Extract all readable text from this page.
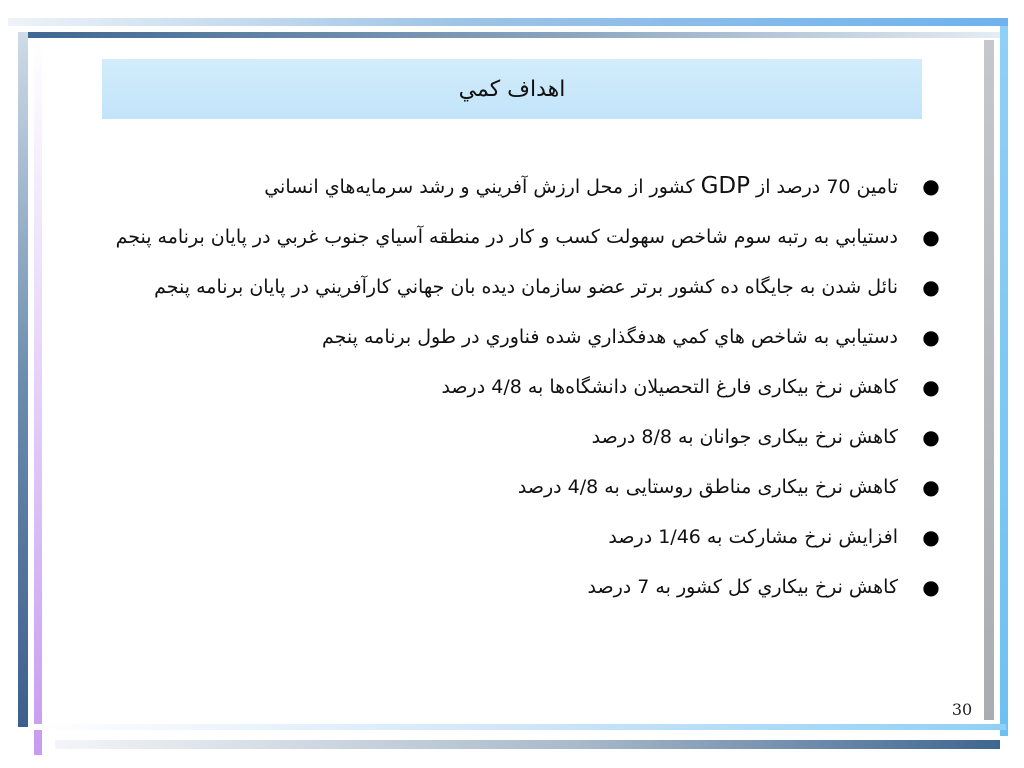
اهداف کمي
●
تامين 70 درصد از GDP کشور از محل ارزش آفريني و رشد سرمايه‌هاي انساني
●
دستيابي به رتبه سوم شاخص سهولت کسب و کار در منطقه آسياي جنوب غربي در پايان برنامه پنجم
●
نائل شدن به جايگاه ده کشور برتر عضو سازمان ديده بان جهاني کارآفريني در پايان برنامه پنجم
●
دستيابي به شاخص هاي کمي هدفگذاري شده فناوري در طول برنامه پنجم
●
کاهش نرخ بيکاری فارغ التحصيلان دانشگاه‌ها به 4/8 درصد
●
کاهش نرخ بيکاری جوانان به 8/8 درصد
●
کاهش نرخ بيکاری مناطق روستايی به 4/8 درصد
●
افزايش نرخ مشارکت به 1/46 درصد
●
کاهش نرخ بيکاري کل کشور به 7 درصد
30
